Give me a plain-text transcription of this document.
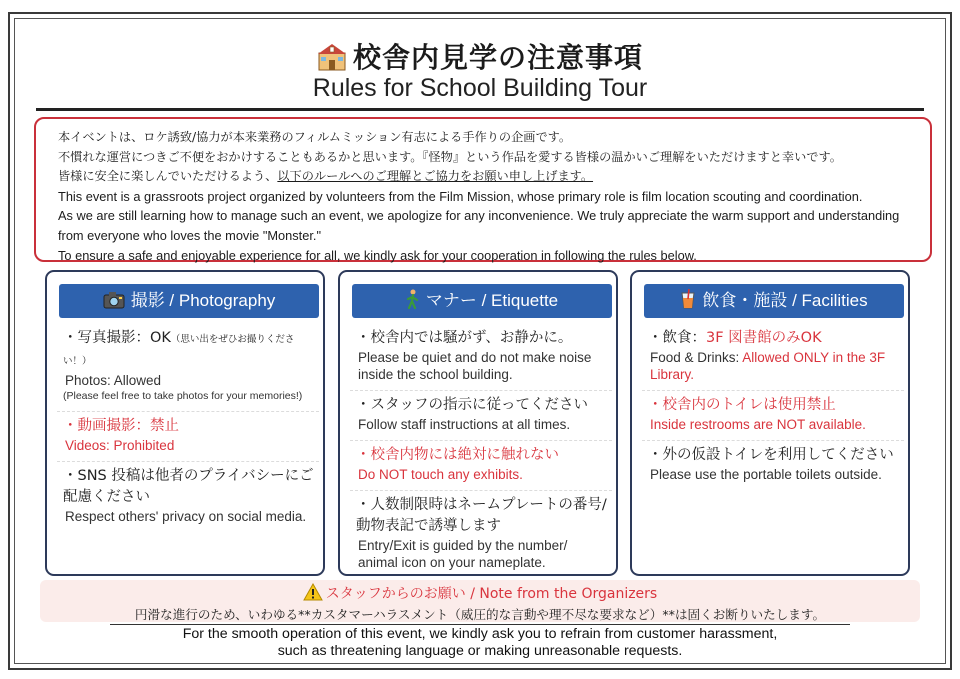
校舎内見学の注意事項
Rules for School Building Tour
本イベントは、ロケ誘致/協力が本来業務のフィルムミッション有志による手作りの企画です。
不慣れな運営につきご不便をおかけすることもあるかと思います。『怪物』という作品を愛する皆様の温かいご理解をいただけますと幸いです。
皆様に安全に楽しんでいただけるよう、以下のルールへのご理解とご協力をお願い申し上げます。
This event is a grassroots project organized by volunteers from the Film Mission, whose primary role is film location scouting and coordination.
As we are still learning how to manage such an event, we apologize for any inconvenience. We truly appreciate the warm support and understanding from everyone who loves the movie "Monster."
To ensure a safe and enjoyable experience for all, we kindly ask for your cooperation in following the rules below.
撮影 / Photography
・写真撮影：OK（思い出をぜひお撮りください！）
Photos: Allowed
(Please feel free to take photos for your memories!)
・動画撮影：禁止
Videos: Prohibited
・SNS 投稿は他者のプライバシーにご配慮ください
Respect others' privacy on social media.
マナー / Etiquette
・校舎内では騒がず、お静かに。
Please be quiet and do not make noise inside the school building.
・スタッフの指示に従ってください
Follow staff instructions at all times.
・校舎内物には絶対に触れない
Do NOT touch any exhibits.
・人数制限時はネームプレートの番号/動物表記で誘導します
Entry/Exit is guided by the number/ animal icon on your nameplate.
飲食・施設 / Facilities
・飲食：3F 図書館のみOK
Food & Drinks: Allowed ONLY in the 3F Library.
・校舎内のトイレは使用禁止
Inside restrooms are NOT available.
・外の仮設トイレを利用してください
Please use the portable toilets outside.
スタッフからのお願い / Note from the Organizers
円滑な進行のため、いわゆる**カスタマーハラスメント（威圧的な言動や理不尽な要求など）**は固くお断りいたします。
For the smooth operation of this event, we kindly ask you to refrain from customer harassment,
such as threatening language or making unreasonable requests.
